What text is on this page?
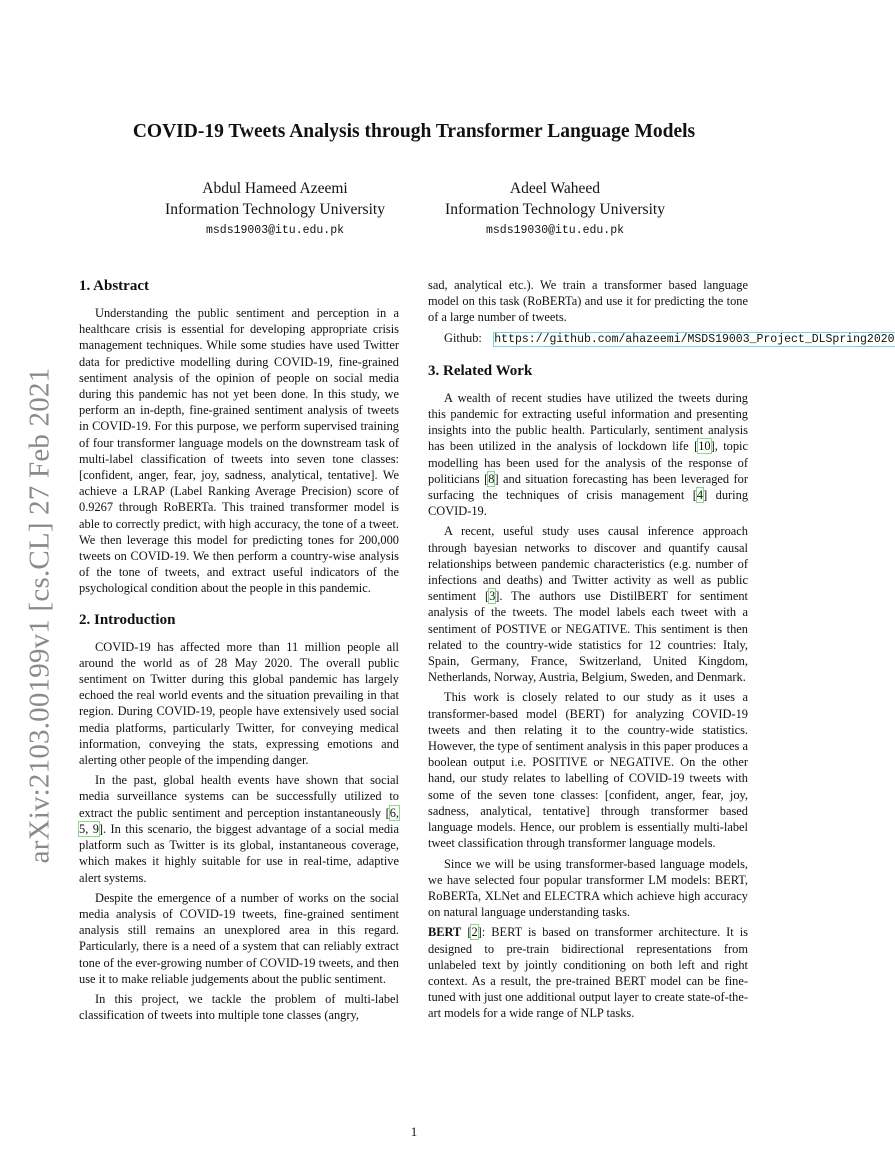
arXiv:2103.00199v1 [cs.CL] 27 Feb 2021
COVID-19 Tweets Analysis through Transformer Language Models
Abdul Hameed Azeemi
Information Technology University
msds19003@itu.edu.pk
Adeel Waheed
Information Technology University
msds19030@itu.edu.pk
1. Abstract

Understanding the public sentiment and perception in a healthcare crisis is essential for developing appropriate crisis management techniques. While some studies have used Twitter data for predictive modelling during COVID-19, fine-grained sentiment analysis of the opinion of people on social media during this pandemic has not yet been done. In this study, we perform an in-depth, fine-grained sentiment analysis of tweets in COVID-19. For this purpose, we perform supervised training of four transformer language models on the downstream task of multi-label classification of tweets into seven tone classes: [confident, anger, fear, joy, sadness, analytical, tentative]. We achieve a LRAP (Label Ranking Average Precision) score of 0.9267 through RoBERTa. This trained transformer model is able to correctly predict, with high accuracy, the tone of a tweet. We then leverage this model for predicting tones for 200,000 tweets on COVID-19. We then perform a country-wise analysis of the tone of tweets, and extract useful indicators of the psychological condition about the people in this pandemic.

2. Introduction

COVID-19 has affected more than 11 million people all around the world as of 28 May 2020. The overall public sentiment on Twitter during this global pandemic has largely echoed the real world events and the situation prevailing in that region. During COVID-19, people have extensively used social media platforms, particularly Twitter, for conveying medical information, conveying the stats, expressing emotions and alerting other people of the impending danger.

In the past, global health events have shown that social media surveillance systems can be successfully utilized to extract the public sentiment and perception instantaneously [6, 5, 9]. In this scenario, the biggest advantage of a social media platform such as Twitter is its global, instantaneous coverage, which makes it highly suitable for use in real-time, adaptive alert systems.

Despite the emergence of a number of works on the social media analysis of COVID-19 tweets, fine-grained sentiment analysis still remains an unexplored area in this regard. Particularly, there is a need of a system that can reliably extract tone of the ever-growing number of COVID-19 tweets, and then use it to make reliable judgements about the public sentiment.

In this project, we tackle the problem of multi-label classification of tweets into multiple tone classes (angry,

sad, analytical etc.). We train a transformer based language model on this task (RoBERTa) and use it for predicting the tone of a large number of tweets.

Github: https://github.com/ahazeemi/MSDS19003_Project_DLSpring2020

3. Related Work

A wealth of recent studies have utilized the tweets during this pandemic for extracting useful information and presenting insights into the public health. Particularly, sentiment analysis has been utilized in the analysis of lockdown life [10], topic modelling has been used for the analysis of the response of politicians [8] and situation forecasting has been leveraged for surfacing the techniques of crisis management [4] during COVID-19.

A recent, useful study uses causal inference approach through bayesian networks to discover and quantify causal relationships between pandemic characteristics (e.g. number of infections and deaths) and Twitter activity as well as public sentiment [3]. The authors use DistilBERT for sentiment analysis of the tweets. The model labels each tweet with a sentiment of POSTIVE or NEGATIVE. This sentiment is then related to the country-wide statistics for 12 countries: Italy, Spain, Germany, France, Switzerland, United Kingdom, Netherlands, Norway, Austria, Belgium, Sweden, and Denmark.

This work is closely related to our study as it uses a transformer-based model (BERT) for analyzing COVID-19 tweets and then relating it to the country-wide statistics. However, the type of sentiment analysis in this paper produces a boolean output i.e. POSITIVE or NEGATIVE. On the other hand, our study relates to labelling of COVID-19 tweets with some of the seven tone classes: [confident, anger, fear, joy, sadness, analytical, tentative] through transformer based language models. Hence, our problem is essentially multi-label tweet classification through transformer language models.

Since we will be using transformer-based language models, we have selected four popular transformer LM models: BERT, RoBERTa, XLNet and ELECTRA which achieve high accuracy on natural language understanding tasks.

BERT [2]: BERT is based on transformer architecture. It is designed to pre-train bidirectional representations from unlabeled text by jointly conditioning on both left and right context. As a result, the pre-trained BERT model can be fine-tuned with just one additional output layer to create state-of-the-art models for a wide range of NLP tasks.

1
